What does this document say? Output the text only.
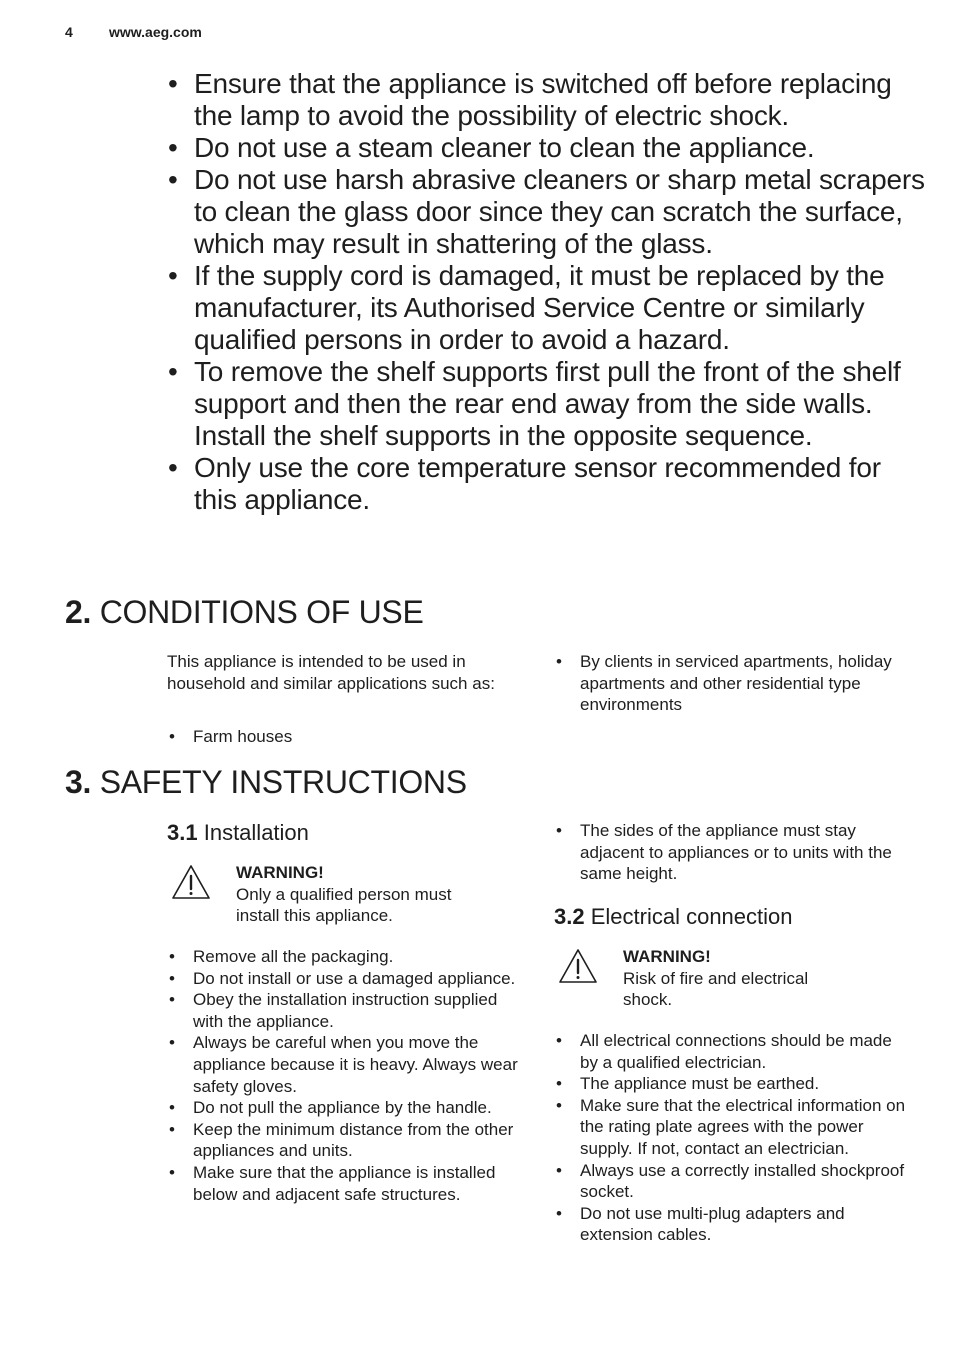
4	www.aeg.com
• Ensure that the appliance is switched off before replacing the lamp to avoid the possibility of electric shock.
• Do not use a steam cleaner to clean the appliance.
• Do not use harsh abrasive cleaners or sharp metal scrapers to clean the glass door since they can scratch the surface, which may result in shattering of the glass.
• If the supply cord is damaged, it must be replaced by the manufacturer, its Authorised Service Centre or similarly qualified persons in order to avoid a hazard.
• To remove the shelf supports first pull the front of the shelf support and then the rear end away from the side walls. Install the shelf supports in the opposite sequence.
• Only use the core temperature sensor recommended for this appliance.
2. CONDITIONS OF USE

This appliance is intended to be used in household and similar applications such as:

• Farm houses
• By clients in serviced apartments, holiday apartments and other residential type environments
3. SAFETY INSTRUCTIONS
3.1 Installation
WARNING!
Only a qualified person must install this appliance.
• Remove all the packaging.
• Do not install or use a damaged appliance.
• Obey the installation instruction supplied with the appliance.
• Always be careful when you move the appliance because it is heavy. Always wear safety gloves.
• Do not pull the appliance by the handle.
• Keep the minimum distance from the other appliances and units.
• Make sure that the appliance is installed below and adjacent safe structures.
• The sides of the appliance must stay adjacent to appliances or to units with the same height.
3.2 Electrical connection
WARNING!
Risk of fire and electrical shock.
• All electrical connections should be made by a qualified electrician.
• The appliance must be earthed.
• Make sure that the electrical information on the rating plate agrees with the power supply. If not, contact an electrician.
• Always use a correctly installed shockproof socket.
• Do not use multi-plug adapters and extension cables.
